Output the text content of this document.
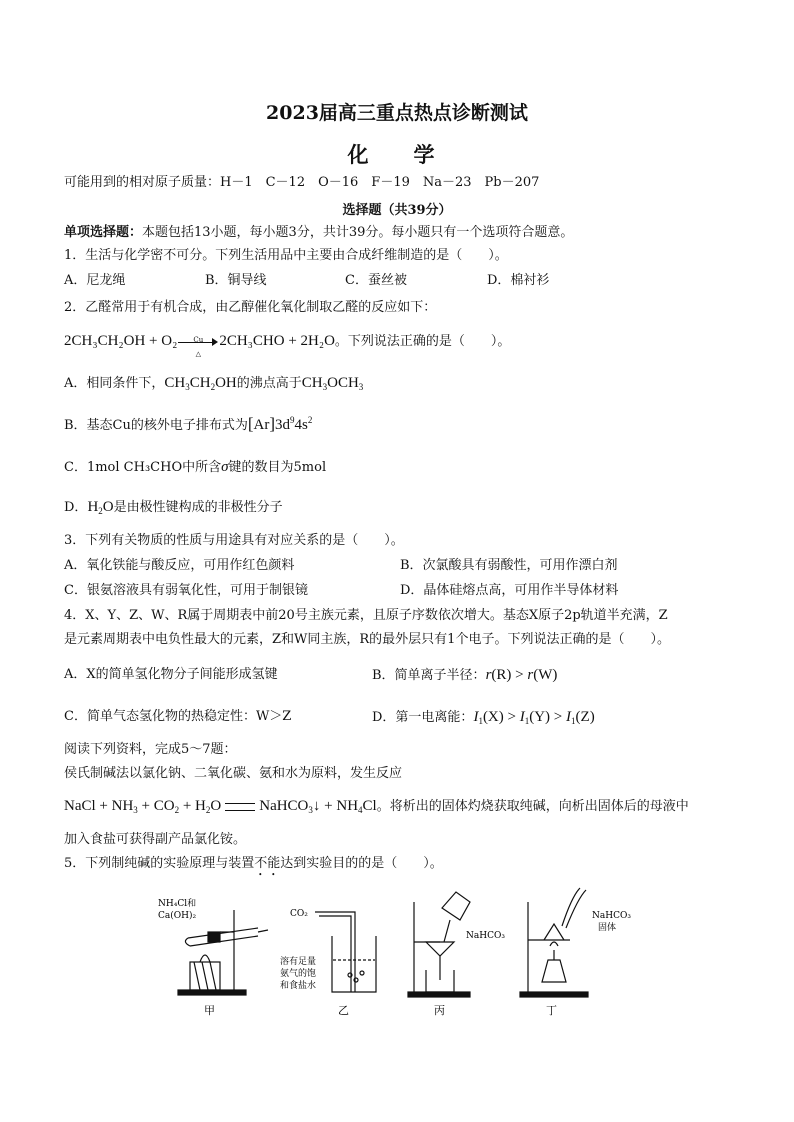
2023届高三重点热点诊断测试
化　学
可能用到的相对原子质量：H－1　C－12　O－16　F－19　Na－23　Pb－207
选择题（共39分）
单项选择题：本题包括13小题，每小题3分，共计39分。每小题只有一个选项符合题意。
1．生活与化学密不可分。下列生活用品中主要由合成纤维制造的是（　　）。
A．尼龙绳	B．铜导线	C．蚕丝被	D．棉衬衫
2．乙醛常用于有机合成，由乙醇催化氧化制取乙醛的反应如下：
2CH₃CH₂OH + O₂	Cu
△
2CH₃CHO + 2H₂O。下列说法正确的是（　　）。
A．相同条件下，$CH_3CH_2OH$的沸点高于$CH_3OCH_3$
B．基态Cu的核外电子排布式为$[Ar]3d^94s^2$
C．1mol CH₃CHO中所含σ键的数目为5mol
D．$H_2O$是由极性键构成的非极性分子
3．下列有关物质的性质与用途具有对应关系的是（　　）。
A．氧化铁能与酸反应，可用作红色颜料	B．次氯酸具有弱酸性，可用作漂白剂
C．银氨溶液具有弱氧化性，可用于制银镜	D．晶体硅熔点高，可用作半导体材料
4．X、Y、Z、W、R属于周期表中前20号主族元素，且原子序数依次增大。基态X原子2p轨道半充满，Z
是元素周期表中电负性最大的元素，Z和W同主族，R的最外层只有1个电子。下列说法正确的是（　　）。
A．X的简单氢化物分子间能形成氢键	B．简单离子半径：r(R) > r(W)
C．简单气态氢化物的热稳定性：W＞Z	D．第一电离能：$I_1(X) > I_1(Y) > I_1(Z)$
阅读下列资料，完成5～7题：
侯氏制碱法以氯化钠、二氧化碳、氨和水为原料，发生反应
NaCl + $NH_3 + CO_2 + H_2O$	NaHCO$_3$↓ + $NH_4Cl$。将析出的固体灼烧获取纯碱，向析出固体后的母液中
加入食盐可获得副产品氯化铵。
5．下列制纯碱的实验原理与装置不能达到实验目的的是（　　）。
NH₄Cl和
Ca(OH)₂	CO₂
溶有足量
氨气的饱
和食盐水
NaHCO₃
NaHCO₃
固体
甲	乙	丙	丁
